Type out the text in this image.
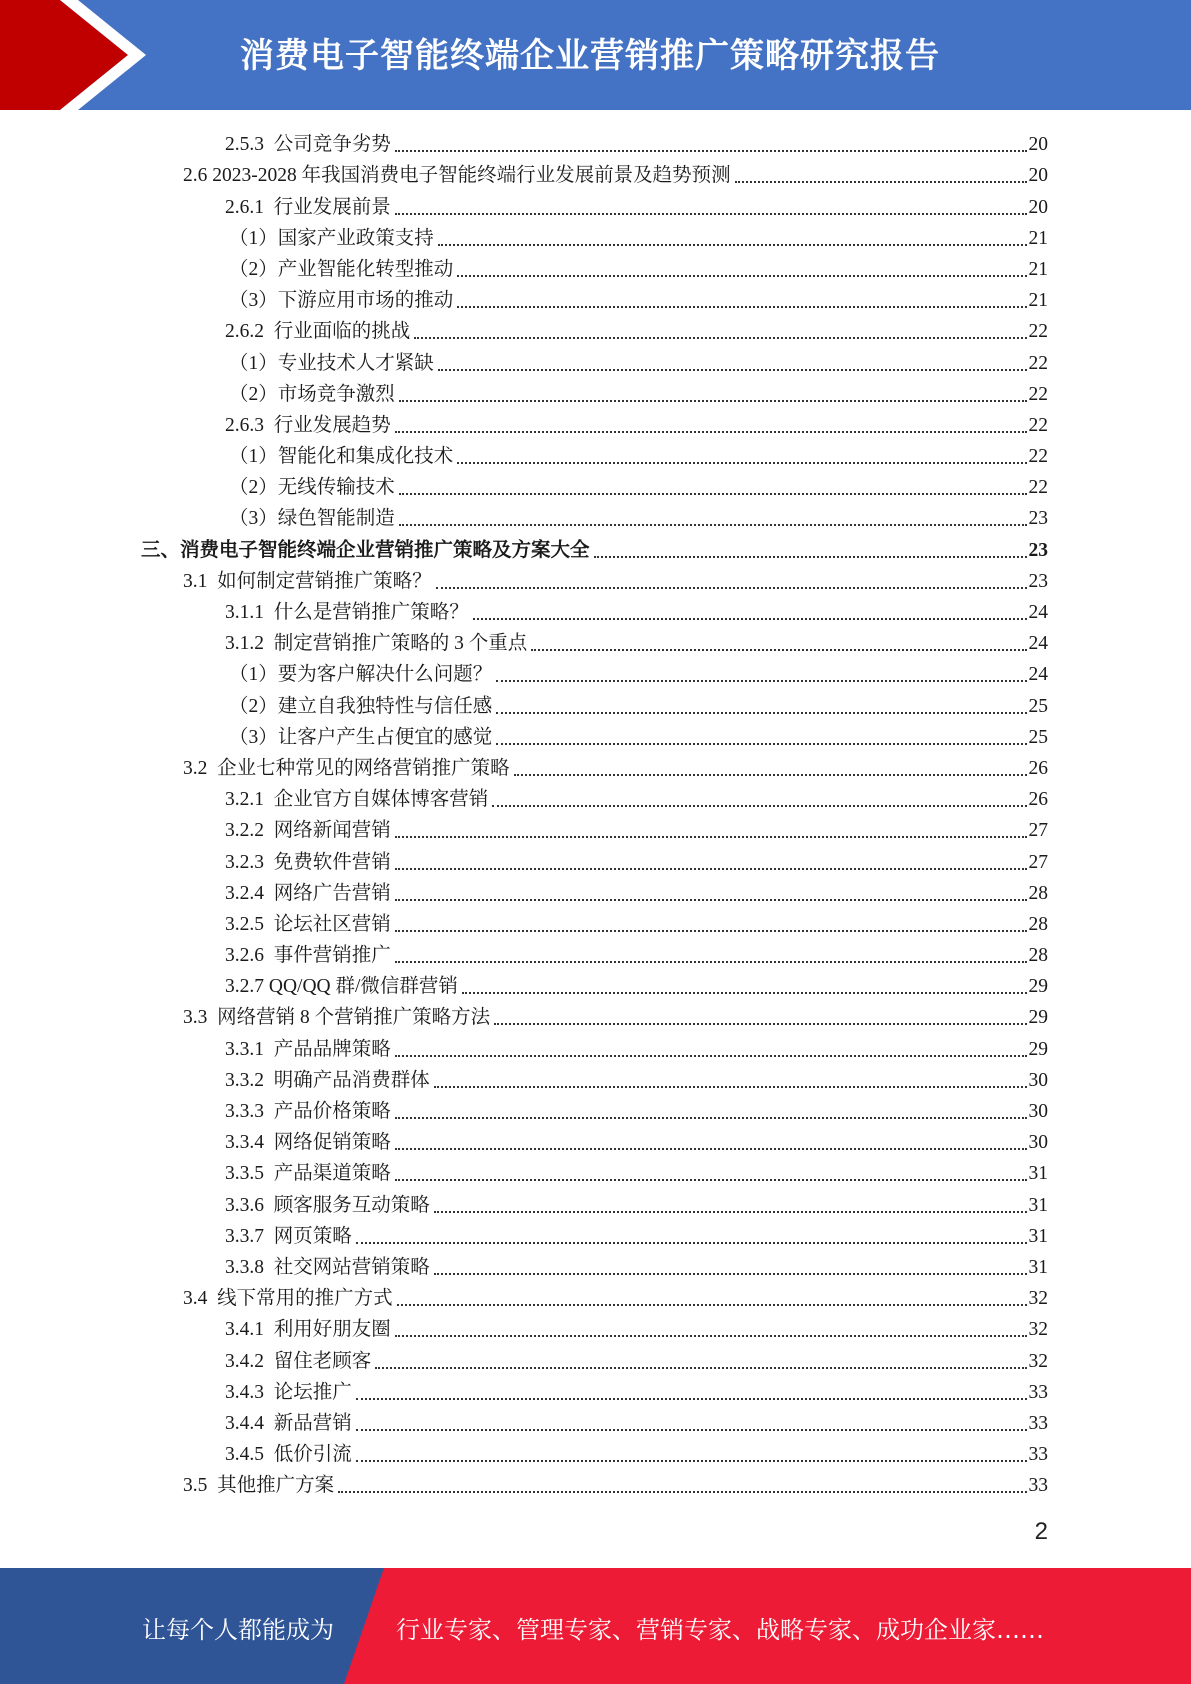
消费电子智能终端企业营销推广策略研究报告
2.5.3  公司竞争劣势	20
2.6 2023-2028 年我国消费电子智能终端行业发展前景及趋势预测	20
2.6.1  行业发展前景	20
（1）国家产业政策支持	21
（2）产业智能化转型推动	21
（3）下游应用市场的推动	21
2.6.2  行业面临的挑战	22
（1）专业技术人才紧缺	22
（2）市场竞争激烈	22
2.6.3  行业发展趋势	22
（1）智能化和集成化技术	22
（2）无线传输技术	22
（3）绿色智能制造	23
三、消费电子智能终端企业营销推广策略及方案大全	23
3.1  如何制定营销推广策略？	23
3.1.1  什么是营销推广策略？	24
3.1.2  制定营销推广策略的 3 个重点	24
（1）要为客户解决什么问题？	24
（2）建立自我独特性与信任感	25
（3）让客户产生占便宜的感觉	25
3.2  企业七种常见的网络营销推广策略	26
3.2.1  企业官方自媒体博客营销	26
3.2.2  网络新闻营销	27
3.2.3  免费软件营销	27
3.2.4  网络广告营销	28
3.2.5  论坛社区营销	28
3.2.6  事件营销推广	28
3.2.7 QQ/QQ 群/微信群营销	29
3.3  网络营销 8 个营销推广策略方法	29
3.3.1  产品品牌策略	29
3.3.2  明确产品消费群体	30
3.3.3  产品价格策略	30
3.3.4  网络促销策略	30
3.3.5  产品渠道策略	31
3.3.6  顾客服务互动策略	31
3.3.7  网页策略	31
3.3.8  社交网站营销策略	31
3.4  线下常用的推广方式	32
3.4.1  利用好朋友圈	32
3.4.2  留住老顾客	32
3.4.3  论坛推广	33
3.4.4  新品营销	33
3.4.5  低价引流	33
3.5  其他推广方案	33
2
让每个人都能成为	行业专家、管理专家、营销专家、战略专家、成功企业家……
